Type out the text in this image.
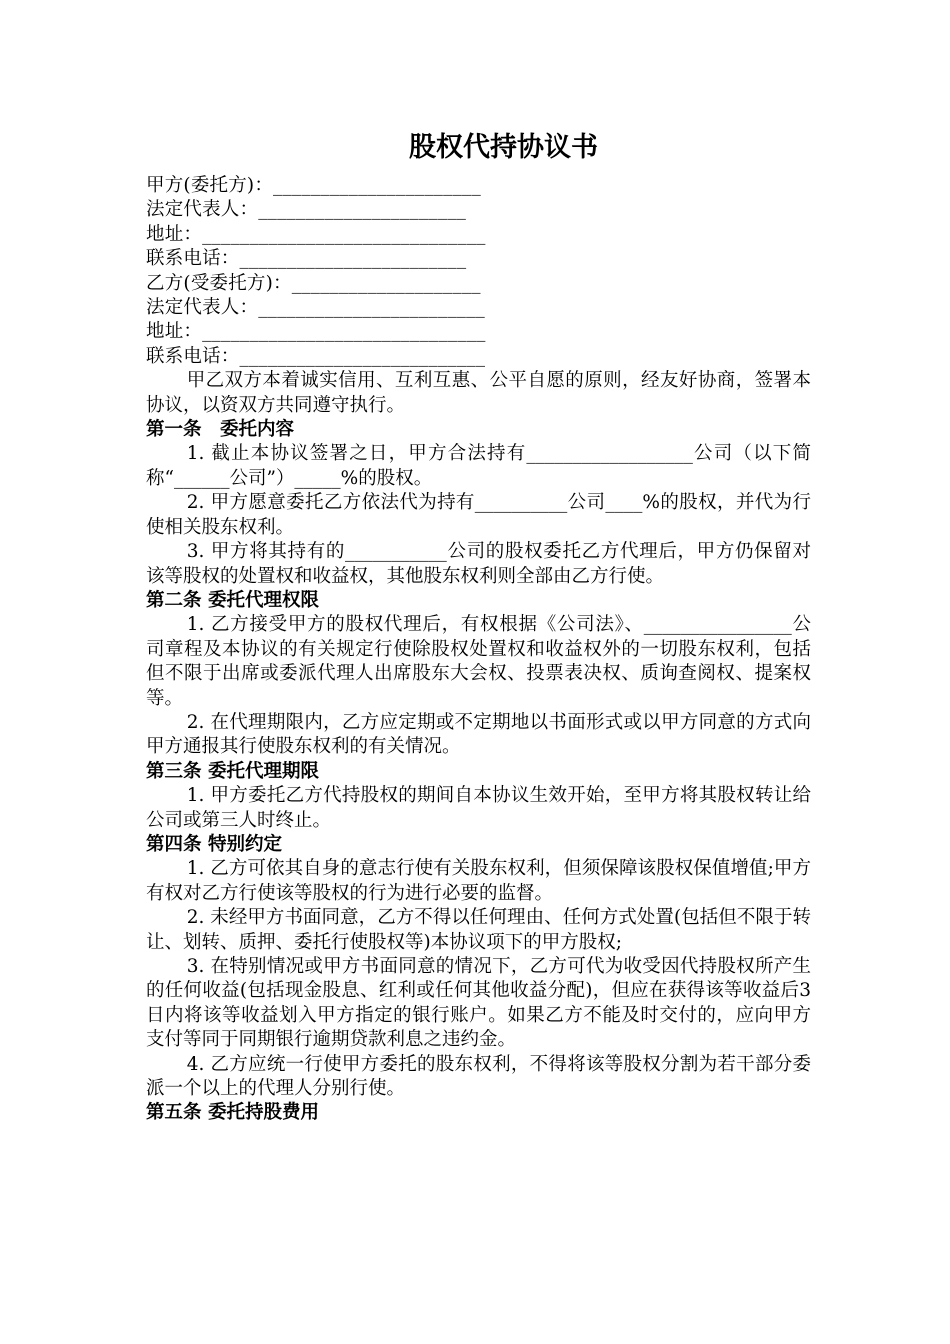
股权代持协议书
甲方(委托方)：______________________
法定代表人：______________________
地址：______________________________
联系电话：________________________
乙方(受委托方)：____________________
法定代表人：________________________
地址：______________________________
联系电话：__________________________
甲乙双方本着诚实信用、互利互惠、公平自愿的原则，经友好协商，签署本协议，以资双方共同遵守执行。
第一条　委托内容
1. 截止本协议签署之日，甲方合法持有__________________公司（以下简称“______公司”）_____%的股权。
2. 甲方愿意委托乙方依法代为持有__________公司____%的股权，并代为行使相关股东权利。
3. 甲方将其持有的___________公司的股权委托乙方代理后，甲方仍保留对该等股权的处置权和收益权，其他股东权利则全部由乙方行使。
第二条 委托代理权限
1. 乙方接受甲方的股权代理后，有权根据《公司法》、________________公司章程及本协议的有关规定行使除股权处置权和收益权外的一切股东权利，包括但不限于出席或委派代理人出席股东大会权、投票表决权、质询查阅权、提案权等。
2. 在代理期限内，乙方应定期或不定期地以书面形式或以甲方同意的方式向甲方通报其行使股东权利的有关情况。
第三条 委托代理期限
1. 甲方委托乙方代持股权的期间自本协议生效开始，至甲方将其股权转让给公司或第三人时终止。
第四条 特别约定
1. 乙方可依其自身的意志行使有关股东权利，但须保障该股权保值增值;甲方有权对乙方行使该等股权的行为进行必要的监督。
2. 未经甲方书面同意，乙方不得以任何理由、任何方式处置(包括但不限于转让、划转、质押、委托行使股权等)本协议项下的甲方股权;
3. 在特别情况或甲方书面同意的情况下，乙方可代为收受因代持股权所产生的任何收益(包括现金股息、红利或任何其他收益分配)，但应在获得该等收益后3日内将该等收益划入甲方指定的银行账户。如果乙方不能及时交付的，应向甲方支付等同于同期银行逾期贷款利息之违约金。
4. 乙方应统一行使甲方委托的股东权利，不得将该等股权分割为若干部分委派一个以上的代理人分别行使。
第五条 委托持股费用
